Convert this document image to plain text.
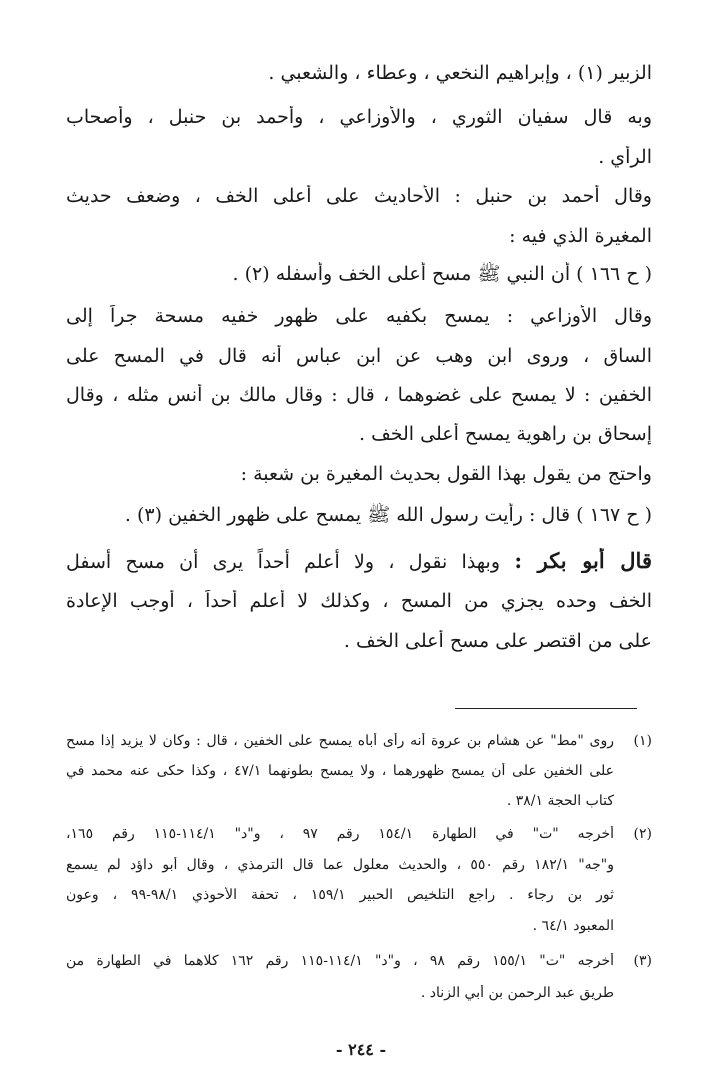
الزبير (١) ، وإبراهيم النخعي ، وعطاء ، والشعبي .
وبه قال سفيان الثوري ، والأوزاعي ، وأحمد بن حنبل ، وأصحاب
الرأي .
وقال أحمد بن حنبل : الأحاديث على أعلى الخف ، وضعف حديث
المغيرة الذي فيه :
( ح ١٦٦ ) أن النبي ﷺ مسح أعلى الخف وأسفله (٢) .
وقال الأوزاعي : يمسح بكفيه على ظهور خفيه مسحة جراً إلى
الساق ، وروى ابن وهب عن ابن عباس أنه قال في المسح على
الخفين : لا يمسح على غضوهما ، قال : وقال مالك بن أنس مثله ، وقال
إسحاق بن راهوية يمسح أعلى الخف .
واحتج من يقول بهذا القول بحديث المغيرة بن شعبة :
( ح ١٦٧ ) قال : رأيت رسول الله ﷺ يمسح على ظهور الخفين (٣) .
قال أبو بكر : وبهذا نقول ، ولا أعلم أحداً يرى أن مسح أسفل
الخف وحده يجزي من المسح ، وكذلك لا أعلم أحداً ، أوجب الإعادة
على من اقتصر على مسح أعلى الخف .
(١)
روى "مط" عن هشام بن عروة أنه رأى أباه يمسح على الخفين ، قال : وكان لا يزيد إذا مسح
على الخفين على أن يمسح ظهورهما ، ولا يمسح بطونهما ٤٧/١ ، وكذا حكى عنه محمد في
كتاب الحجة ٣٨/١ .
(٢)
أخرجه "ت" في الطهارة ١٥٤/١ رقم ٩٧ ، و"د" ١١٤/١-١١٥ رقم ١٦٥،
و"جه" ١٨٢/١ رقم ٥٥٠ ، والحديث معلول عما قال الترمذي ، وقال أبو داؤد لم يسمع
ثور بن رجاء . راجع التلخيص الحبير ١٥٩/١ ، تحفة الأحوذي ٩٨/١-٩٩ ، وعون
المعبود ٦٤/١ .
(٣)
أخرجه "ت" ١٥٥/١ رقم ٩٨ ، و"د" ١١٤/١-١١٥ رقم ١٦٢ كلاهما في الطهارة من
طريق عبد الرحمن بن أبي الزناد .
- ٢٤٤ -
